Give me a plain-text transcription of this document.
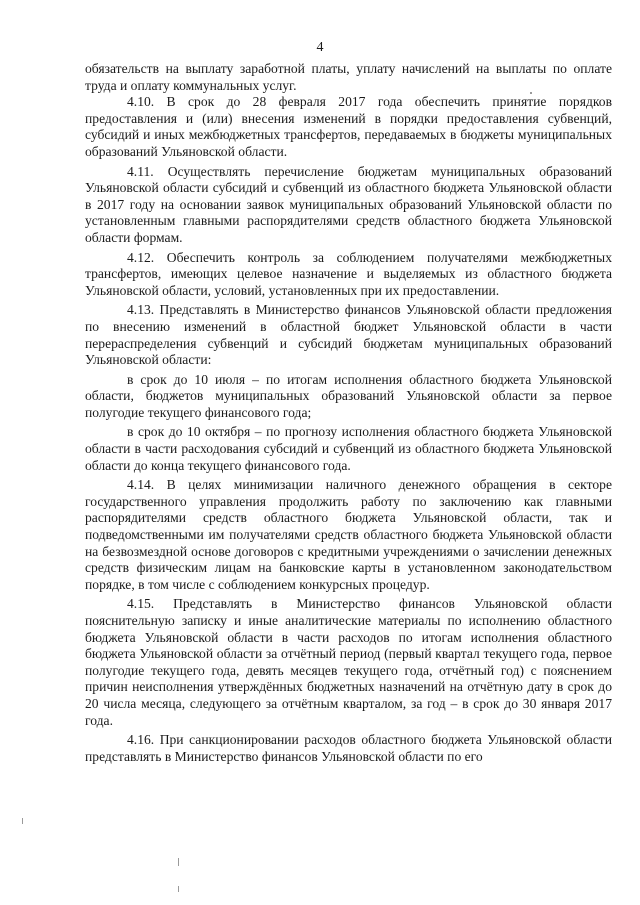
4

обязательств на выплату заработной платы, уплату начислений на выплаты по оплате труда и оплату коммунальных услуг.

4.10. В срок до 28 февраля 2017 года обеспечить принятие порядков предоставления и (или) внесения изменений в порядки предоставления субвенций, субсидий и иных межбюджетных трансфертов, передаваемых в бюджеты муниципальных образований Ульяновской области.

4.11. Осуществлять перечисление бюджетам муниципальных образований Ульяновской области субсидий и субвенций из областного бюджета Ульяновской области в 2017 году на основании заявок муниципальных образований Ульяновской области по установленным главными распорядителями средств областного бюджета Ульяновской области формам.

4.12. Обеспечить контроль за соблюдением получателями межбюджетных трансфертов, имеющих целевое назначение и выделяемых из областного бюджета Ульяновской области, условий, установленных при их предоставлении.

4.13. Представлять в Министерство финансов Ульяновской области предложения по внесению изменений в областной бюджет Ульяновской области в части перераспределения субвенций и субсидий бюджетам муниципальных образований Ульяновской области:

в срок до 10 июля – по итогам исполнения областного бюджета Ульяновской области, бюджетов муниципальных образований Ульяновской области за первое полугодие текущего финансового года;

в срок до 10 октября – по прогнозу исполнения областного бюджета Ульяновской области в части расходования субсидий и субвенций из областного бюджета Ульяновской области до конца текущего финансового года.

4.14. В целях минимизации наличного денежного обращения в секторе государственного управления продолжить работу по заключению как главными распорядителями средств областного бюджета Ульяновской области, так и подведомственными им получателями средств областного бюджета Ульяновской области на безвозмездной основе договоров с кредитными учреждениями о зачислении денежных средств физическим лицам на банковские карты в установленном законодательством порядке, в том числе с соблюдением конкурсных процедур.

4.15. Представлять в Министерство финансов Ульяновской области пояснительную записку и иные аналитические материалы по исполнению областного бюджета Ульяновской области в части расходов по итогам исполнения областного бюджета Ульяновской области за отчётный период (первый квартал текущего года, первое полугодие текущего года, девять месяцев текущего года, отчётный год) с пояснением причин неисполнения утверждённых бюджетных назначений на отчётную дату в срок до 20 числа месяца, следующего за отчётным кварталом, за год – в срок до 30 января 2017 года.

4.16. При санкционировании расходов областного бюджета Ульяновской области представлять в Министерство финансов Ульяновской области по его
